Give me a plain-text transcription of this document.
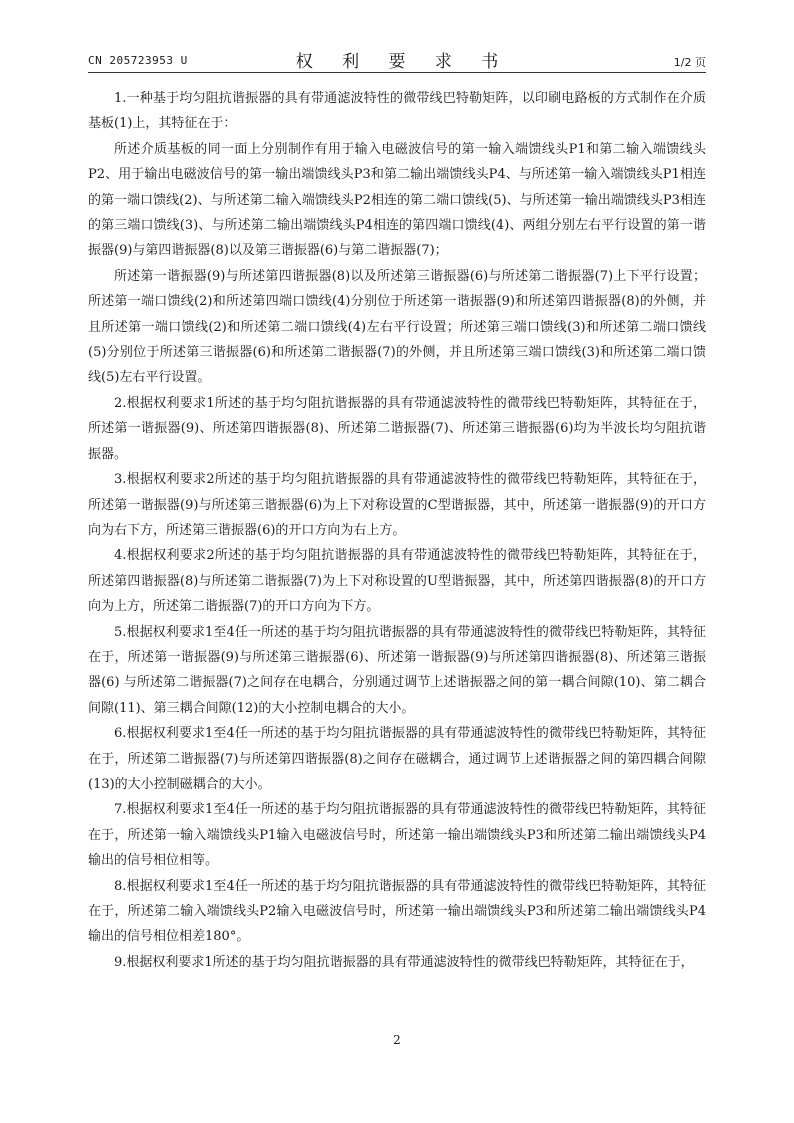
CN 205723953 U	权 利 要 求 书	1/2 页

1.一种基于均匀阻抗谐振器的具有带通滤波特性的微带线巴特勒矩阵，以印刷电路板的方式制作在介质基板(1)上，其特征在于：

所述介质基板的同一面上分别制作有用于输入电磁波信号的第一输入端馈线头P1和第二输入端馈线头P2、用于输出电磁波信号的第一输出端馈线头P3和第二输出端馈线头P4、与所述第一输入端馈线头P1相连的第一端口馈线(2)、与所述第二输入端馈线头P2相连的第二端口馈线(5)、与所述第一输出端馈线头P3相连的第三端口馈线(3)、与所述第二输出端馈线头P4相连的第四端口馈线(4)、两组分别左右平行设置的第一谐振器(9)与第四谐振器(8)以及第三谐振器(6)与第二谐振器(7)；

所述第一谐振器(9)与所述第四谐振器(8)以及所述第三谐振器(6)与所述第二谐振器(7)上下平行设置；所述第一端口馈线(2)和所述第四端口馈线(4)分别位于所述第一谐振器(9)和所述第四谐振器(8)的外侧，并且所述第一端口馈线(2)和所述第二端口馈线(4)左右平行设置；所述第三端口馈线(3)和所述第二端口馈线(5)分别位于所述第三谐振器(6)和所述第二谐振器(7)的外侧，并且所述第三端口馈线(3)和所述第二端口馈线(5)左右平行设置。

2.根据权利要求1所述的基于均匀阻抗谐振器的具有带通滤波特性的微带线巴特勒矩阵，其特征在于，所述第一谐振器(9)、所述第四谐振器(8)、所述第二谐振器(7)、所述第三谐振器(6)均为半波长均匀阻抗谐振器。

3.根据权利要求2所述的基于均匀阻抗谐振器的具有带通滤波特性的微带线巴特勒矩阵，其特征在于，所述第一谐振器(9)与所述第三谐振器(6)为上下对称设置的C型谐振器，其中，所述第一谐振器(9)的开口方向为右下方，所述第三谐振器(6)的开口方向为右上方。

4.根据权利要求2所述的基于均匀阻抗谐振器的具有带通滤波特性的微带线巴特勒矩阵，其特征在于，所述第四谐振器(8)与所述第二谐振器(7)为上下对称设置的U型谐振器，其中，所述第四谐振器(8)的开口方向为上方，所述第二谐振器(7)的开口方向为下方。

5.根据权利要求1至4任一所述的基于均匀阻抗谐振器的具有带通滤波特性的微带线巴特勒矩阵，其特征在于，所述第一谐振器(9)与所述第三谐振器(6)、所述第一谐振器(9)与所述第四谐振器(8)、所述第三谐振器(6) 与所述第二谐振器(7)之间存在电耦合，分别通过调节上述谐振器之间的第一耦合间隙(10)、第二耦合间隙(11)、第三耦合间隙(12)的大小控制电耦合的大小。

6.根据权利要求1至4任一所述的基于均匀阻抗谐振器的具有带通滤波特性的微带线巴特勒矩阵，其特征在于，所述第二谐振器(7)与所述第四谐振器(8)之间存在磁耦合，通过调节上述谐振器之间的第四耦合间隙(13)的大小控制磁耦合的大小。

7.根据权利要求1至4任一所述的基于均匀阻抗谐振器的具有带通滤波特性的微带线巴特勒矩阵，其特征在于，所述第一输入端馈线头P1输入电磁波信号时，所述第一输出端馈线头P3和所述第二输出端馈线头P4输出的信号相位相等。

8.根据权利要求1至4任一所述的基于均匀阻抗谐振器的具有带通滤波特性的微带线巴特勒矩阵，其特征在于，所述第二输入端馈线头P2输入电磁波信号时，所述第一输出端馈线头P3和所述第二输出端馈线头P4输出的信号相位相差180°。

9.根据权利要求1所述的基于均匀阻抗谐振器的具有带通滤波特性的微带线巴特勒矩阵，其特征在于，

2
